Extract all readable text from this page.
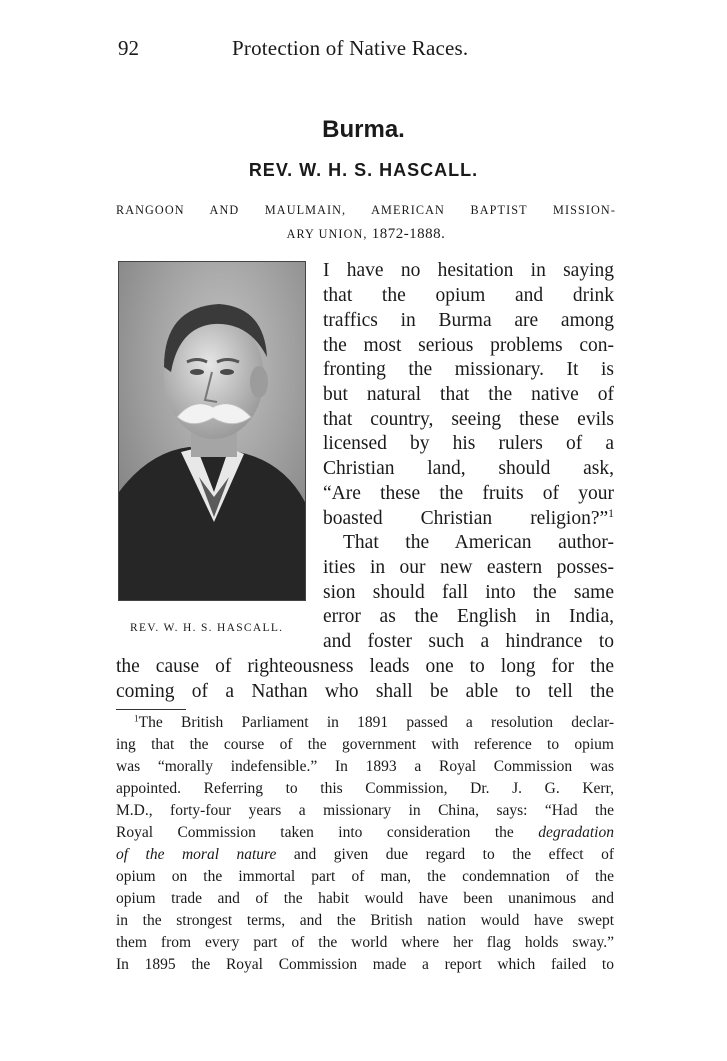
92	Protection of Native Races.
Burma.
REV. W. H. S. HASCALL.
RANGOON AND MAULMAIN, AMERICAN BAPTIST MISSION-
ARY UNION, 1872-1888.
REV. W. H. S. HASCALL.
I have no hesitation in saying
that the opium and drink
traffics in Burma are among
the most serious problems con-
fronting the missionary. It is
but natural that the native of
that country, seeing these evils
licensed by his rulers of a
Christian land, should ask,
“Are these the fruits of your
boasted Christian religion?”$^1$
That the American author-
ities in our new eastern posses-
sion should fall into the same
error as the English in India,
and foster such a hindrance to
the cause of righteousness leads one to long for the
coming of a Nathan who shall be able to tell the
$^1$The British Parliament in 1891 passed a resolution declar-
ing that the course of the government with reference to opium
was “morally indefensible.” In 1893 a Royal Commission was
appointed. Referring to this Commission, Dr. J. G. Kerr,
M.D., forty-four years a missionary in China, says: “Had the
Royal Commission taken into consideration the degradation
of the moral nature and given due regard to the effect of
opium on the immortal part of man, the condemnation of the
opium trade and of the habit would have been unanimous and
in the strongest terms, and the British nation would have swept
them from every part of the world where her flag holds sway.”
In 1895 the Royal Commission made a report which failed to
